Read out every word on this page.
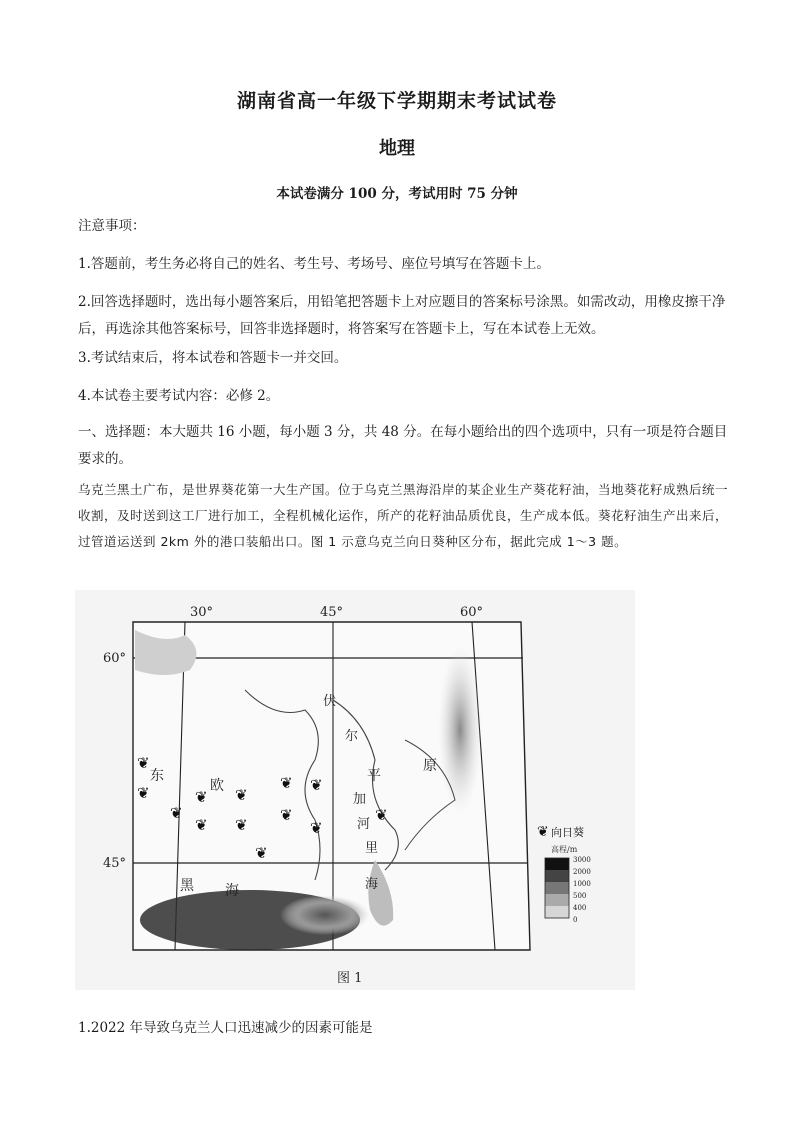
湖南省高一年级下学期期末考试试卷
地理
本试卷满分 100 分，考试用时 75 分钟
注意事项：
1.答题前，考生务必将自己的姓名、考生号、考场号、座位号填写在答题卡上。
2.回答选择题时，选出每小题答案后，用铅笔把答题卡上对应题目的答案标号涂黑。如需改动，用橡皮擦干净后，再选涂其他答案标号，回答非选择题时，将答案写在答题卡上，写在本试卷上无效。
3.考试结束后，将本试卷和答题卡一并交回。
4.本试卷主要考试内容：必修 2。
一、选择题：本大题共 16 小题，每小题 3 分，共 48 分。在每小题给出的四个选项中，只有一项是符合题目要求的。
乌克兰黑土广布，是世界葵花第一大生产国。位于乌克兰黑海沿岸的某企业生产葵花籽油，当地葵花籽成熟后统一收割，及时送到这工厂进行加工，全程机械化运作，所产的花籽油品质优良，生产成本低。葵花籽油生产出来后，过管道运送到 2km 外的港口装船出口。图 1 示意乌克兰向日葵种区分布，据此完成 1～3 题。
30°	45°	60°
60°
45°
东
欧
平
原
伏
尔
加
河
黑 海
里
海
❦
❦
❦
❦
❦
❦
❦
❦
❦
❦
❦
❦
❦
❦ 向日葵
高程/m
3000
2000
1000
500
400
0
图 1
1.2022 年导致乌克兰人口迅速减少的因素可能是
